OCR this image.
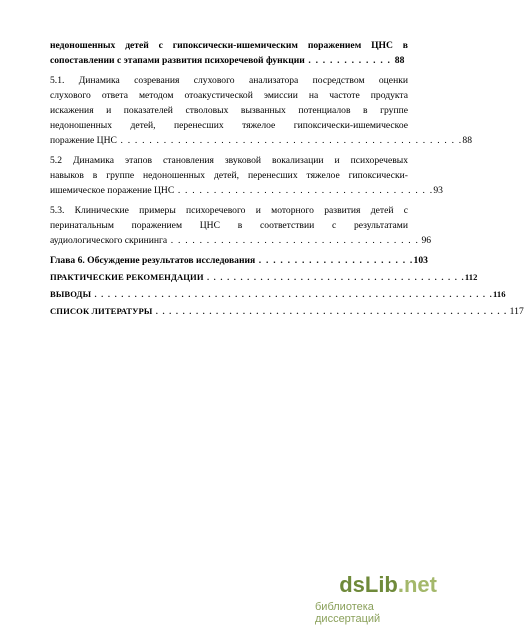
недоношенных детей с гипоксически-ишемическим поражением ЦНС в
сопоставлении с этапами развития психоречевой функции . . . . . . . . . . . . 88
5.1. Динамика созревания слухового анализатора посредством оценки
слухового ответа методом отоакустической эмиссии на частоте продукта
искажения и показателей стволовых вызванных потенциалов в группе
недоношенных детей, перенесших тяжелое гипоксически-ишемическое
поражение ЦНС . . . . . . . . . . . . . . . . . . . . . . . . . . . . . . . . . . . . . . . . . . . . . . . .88
5.2 Динамика этапов становления звуковой вокализации и психоречевых
навыков в группе недоношенных детей, перенесших тяжелое гипоксически-
ишемическое поражение ЦНС . . . . . . . . . . . . . . . . . . . . . . . . . . . . . . . . . . . .93
5.3. Клинические примеры психоречевого и моторного развития детей с
перинатальным поражением ЦНС в соответствии с результатами
аудиологического скрининга . . . . . . . . . . . . . . . . . . . . . . . . . . . . . . . . . . . 96
Глава 6. Обсуждение результатов исследования . . . . . . . . . . . . . . . . . . . . . .103
ПРАКТИЧЕСКИЕ РЕКОМЕНДАЦИИ . . . . . . . . . . . . . . . . . . . . . . . . . . . . . . . . . . . . . . .112
ВЫВОДЫ . . . . . . . . . . . . . . . . . . . . . . . . . . . . . . . . . . . . . . . . . . . . . . . . . . . . . . . . . . . .116
СПИСОК ЛИТЕРАТУРЫ . . . . . . . . . . . . . . . . . . . . . . . . . . . . . . . . . . . . . . . . . . . . . . . . . . . . . 117
dsLib.net
библиотека диссертаций
